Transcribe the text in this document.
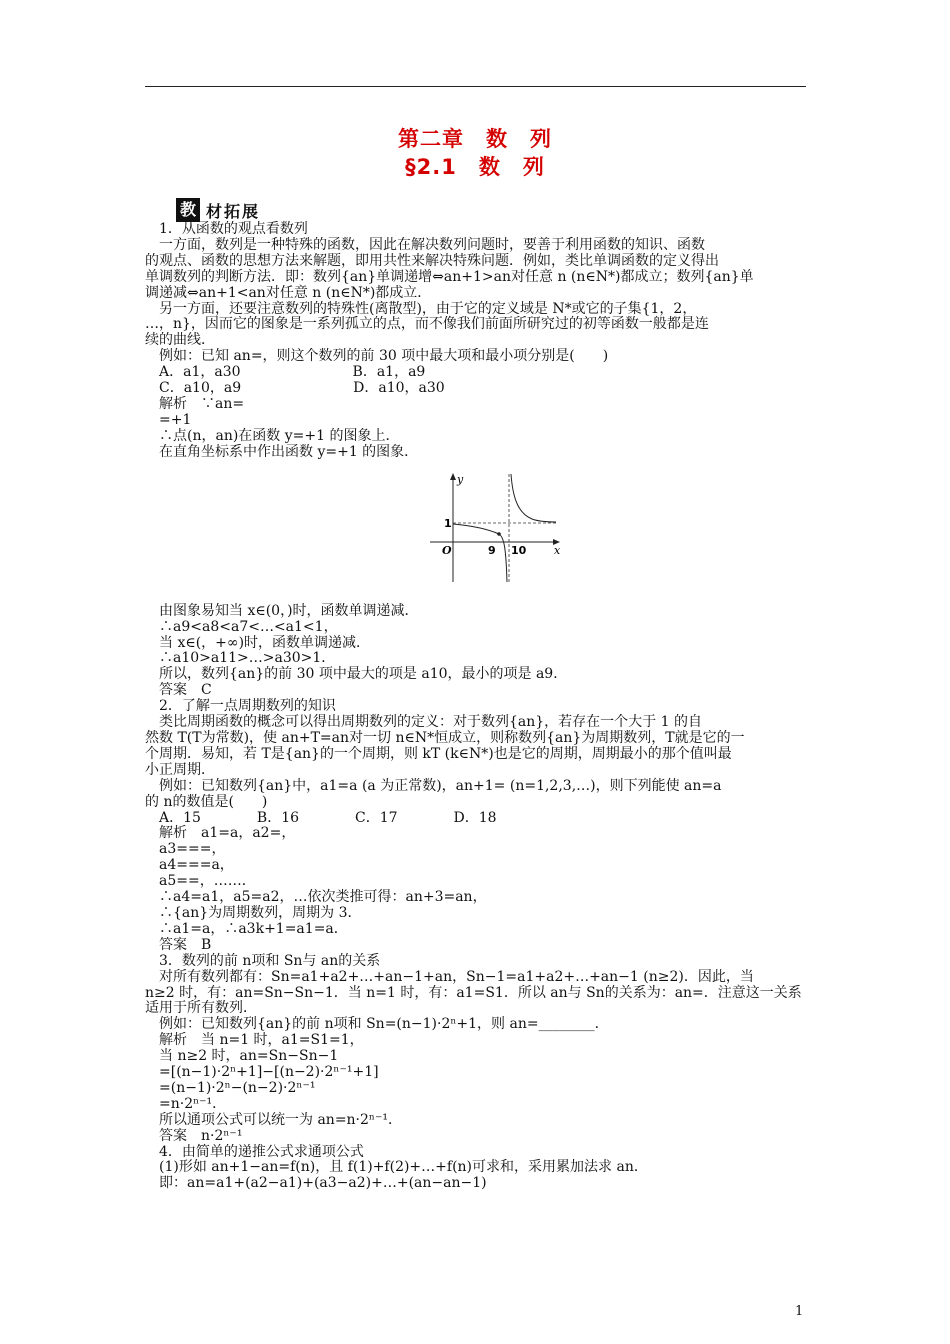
第二章　数　列
§2.1　数　列
教 材拓展

　1．从函数的观点看数列

　一方面，数列是一种特殊的函数，因此在解决数列问题时，要善于利用函数的知识、函数

的观点、函数的思想方法来解题，即用共性来解决特殊问题．例如，类比单调函数的定义得出

单调数列的判断方法．即：数列{an}单调递增⇔an+1>an对任意 n (n∈N*)都成立；数列{an}单

调递减⇔an+1<an对任意 n (n∈N*)都成立．

　另一方面，还要注意数列的特殊性(离散型)，由于它的定义域是 N*或它的子集{1，2，

…，n}，因而它的图象是一系列孤立的点，而不像我们前面所研究过的初等函数一般都是连

续的曲线．

　例如：已知 an=，则这个数列的前 30 项中最大项和最小项分别是(　　)

　A．a1，a30　　　　　　　　B．a1，a9

　C．a10，a9　　　　　　　　D．a10，a30

　解析　∵an=

　=+1

　∴点(n，an)在函数 y=+1 的图象上．

　在直角坐标系中作出函数 y=+1 的图象．

　由图象易知当 x∈(0，)时，函数单调递减．

　∴a9<a8<a7<…<a1<1，

　当 x∈(，+∞)时，函数单调递减．

　∴a10>a11>…>a30>1．

　所以，数列{an}的前 30 项中最大的项是 a10，最小的项是 a9．

　答案　C

　2．了解一点周期数列的知识

　类比周期函数的概念可以得出周期数列的定义：对于数列{an}，若存在一个大于 1 的自

然数 T(T为常数)，使 an+T=an对一切 n∈N*恒成立，则称数列{an}为周期数列，T就是它的一

个周期．易知，若 T是{an}的一个周期，则 kT (k∈N*)也是它的周期，周期最小的那个值叫最

小正周期．

　例如：已知数列{an}中，a1=a (a 为正常数)，an+1= (n=1,2,3,…)，则下列能使 an=a

的 n的数值是(　　)

　A．15　　　　B．16　　　　C．17　　　　D．18

　解析　a1=a，a2=，

　a3===，

　a4===a，

　a5==，……．

　∴a4=a1，a5=a2，…依次类推可得：an+3=an，

　∴{an}为周期数列，周期为 3．

　∴a1=a，∴a3k+1=a1=a．

　答案　B

　3．数列的前 n项和 Sn与 an的关系

　对所有数列都有：Sn=a1+a2+…+an−1+an，Sn−1=a1+a2+…+an−1 (n≥2)．因此，当

n≥2 时，有：an=Sn−Sn−1．当 n=1 时，有：a1=S1．所以 an与 Sn的关系为：an=．注意这一关系

适用于所有数列．

　例如：已知数列{an}的前 n项和 Sn=(n−1)·2ⁿ+1，则 an=________．

　解析　当 n=1 时，a1=S1=1，

　当 n≥2 时，an=Sn−Sn−1

　=[(n−1)·2ⁿ+1]−[(n−2)·2ⁿ⁻¹+1]

　=(n−1)·2ⁿ−(n−2)·2ⁿ⁻¹

　=n·2ⁿ⁻¹．

　所以通项公式可以统一为 an=n·2ⁿ⁻¹．

　答案　n·2ⁿ⁻¹

　4．由简单的递推公式求通项公式

　(1)形如 an+1−an=f(n)，且 f(1)+f(2)+…+f(n)可求和，采用累加法求 an．

　即：an=a1+(a2−a1)+(a3−a2)+…+(an−an−1)

y
x
O
1
9 10
1
